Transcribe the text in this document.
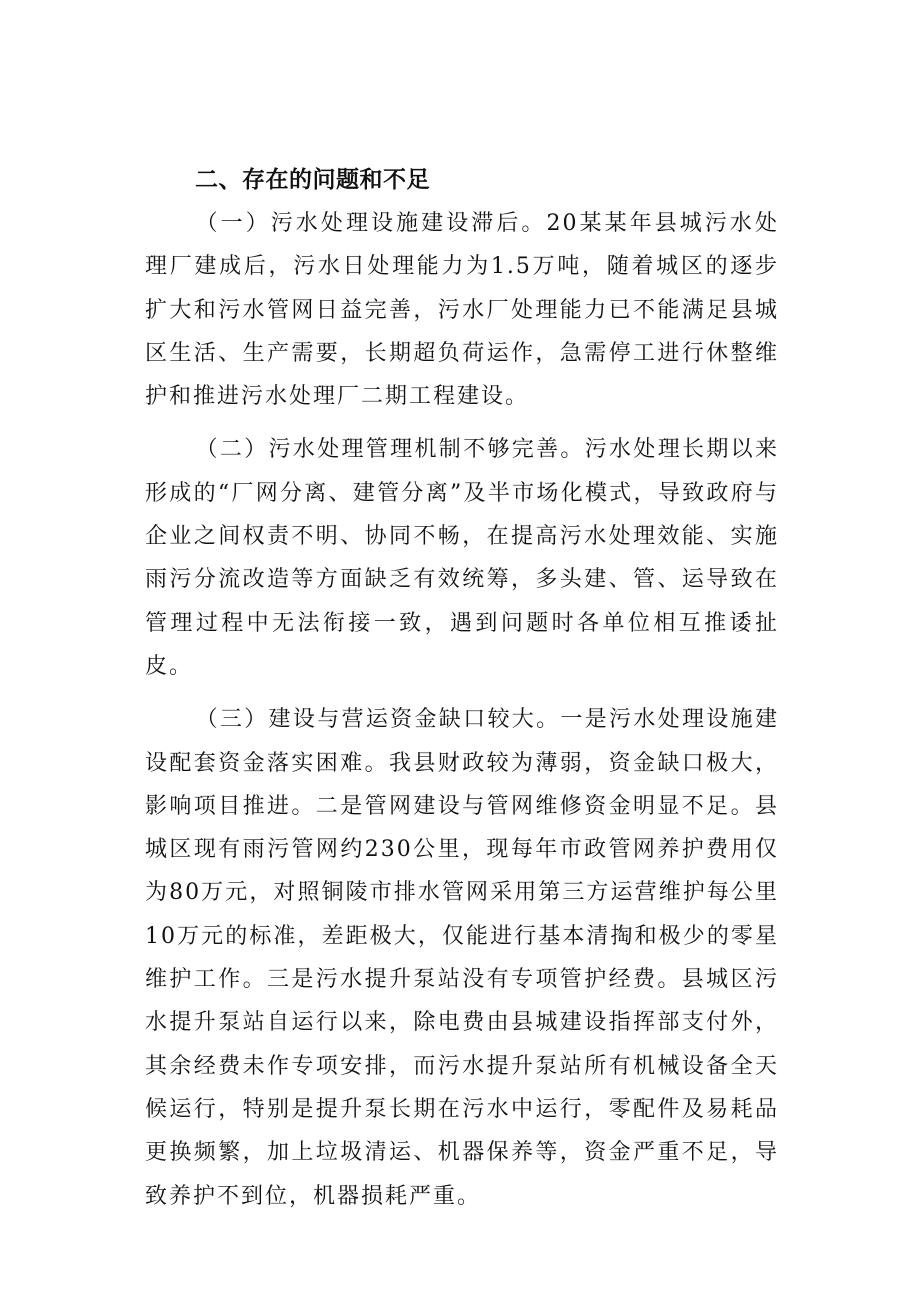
二、存在的问题和不足

（一）污水处理设施建设滞后。20某某年县城污水处理厂建成后，污水日处理能力为1.5万吨，随着城区的逐步扩大和污水管网日益完善，污水厂处理能力已不能满足县城区生活、生产需要，长期超负荷运作，急需停工进行休整维护和推进污水处理厂二期工程建设。

（二）污水处理管理机制不够完善。污水处理长期以来形成的“厂网分离、建管分离”及半市场化模式，导致政府与企业之间权责不明、协同不畅，在提高污水处理效能、实施雨污分流改造等方面缺乏有效统筹，多头建、管、运导致在管理过程中无法衔接一致，遇到问题时各单位相互推诿扯皮。

（三）建设与营运资金缺口较大。一是污水处理设施建设配套资金落实困难。我县财政较为薄弱，资金缺口极大，影响项目推进。二是管网建设与管网维修资金明显不足。县城区现有雨污管网约230公里，现每年市政管网养护费用仅为80万元，对照铜陵市排水管网采用第三方运营维护每公里10万元的标准，差距极大，仅能进行基本清掏和极少的零星维护工作。三是污水提升泵站没有专项管护经费。县城区污水提升泵站自运行以来，除电费由县城建设指挥部支付外，其余经费未作专项安排，而污水提升泵站所有机械设备全天候运行，特别是提升泵长期在污水中运行，零配件及易耗品更换频繁，加上垃圾清运、机器保养等，资金严重不足，导致养护不到位，机器损耗严重。
